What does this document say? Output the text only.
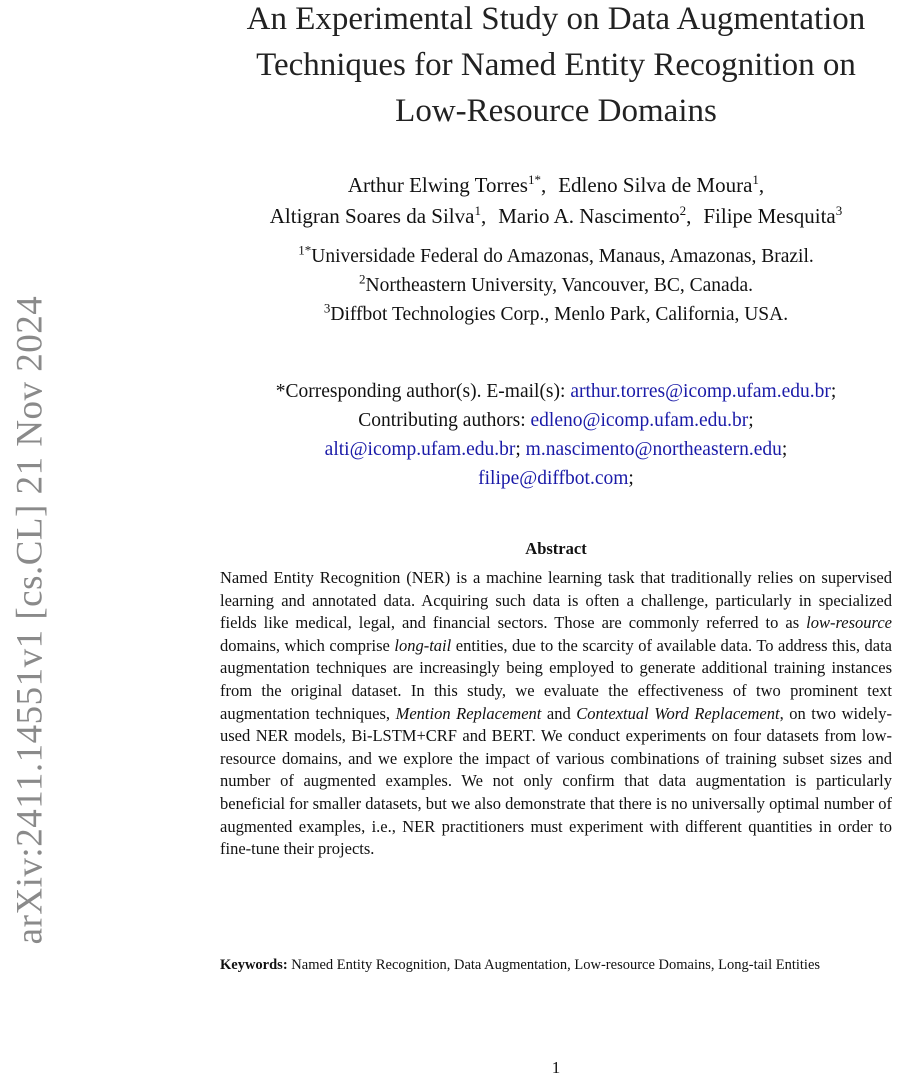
arXiv:2411.14551v1 [cs.CL] 21 Nov 2024
An Experimental Study on Data Augmentation
Techniques for Named Entity Recognition on
Low-Resource Domains
Arthur Elwing Torres$^{1*}$, Edleno Silva de Moura$^1$,
Altigran Soares da Silva$^1$, Mario A. Nascimento$^2$, Filipe Mesquita$^3$
$^{1*}$Universidade Federal do Amazonas, Manaus, Amazonas, Brazil.
$^2$Northeastern University, Vancouver, BC, Canada.
$^3$Diffbot Technologies Corp., Menlo Park, California, USA.
*Corresponding author(s). E-mail(s): arthur.torres@icomp.ufam.edu.br;
Contributing authors: edleno@icomp.ufam.edu.br;
alti@icomp.ufam.edu.br; m.nascimento@northeastern.edu;
filipe@diffbot.com;
Abstract

Named Entity Recognition (NER) is a machine learning task that traditionally relies on supervised learning and annotated data. Acquiring such data is often a challenge, particularly in specialized fields like medical, legal, and financial sectors. Those are commonly referred to as low-resource domains, which comprise long-tail entities, due to the scarcity of available data. To address this, data augmentation techniques are increasingly being employed to generate additional training instances from the original dataset. In this study, we evaluate the effectiveness of two prominent text augmentation techniques, Mention Replacement and Contextual Word Replacement, on two widely-used NER models, Bi-LSTM+CRF and BERT. We conduct experiments on four datasets from low-resource domains, and we explore the impact of various combinations of training subset sizes and number of augmented examples. We not only confirm that data augmentation is particularly beneficial for smaller datasets, but we also demonstrate that there is no universally optimal number of augmented examples, i.e., NER practitioners must experiment with different quantities in order to fine-tune their projects.

Keywords: Named Entity Recognition, Data Augmentation, Low-resource Domains, Long-tail Entities

1
